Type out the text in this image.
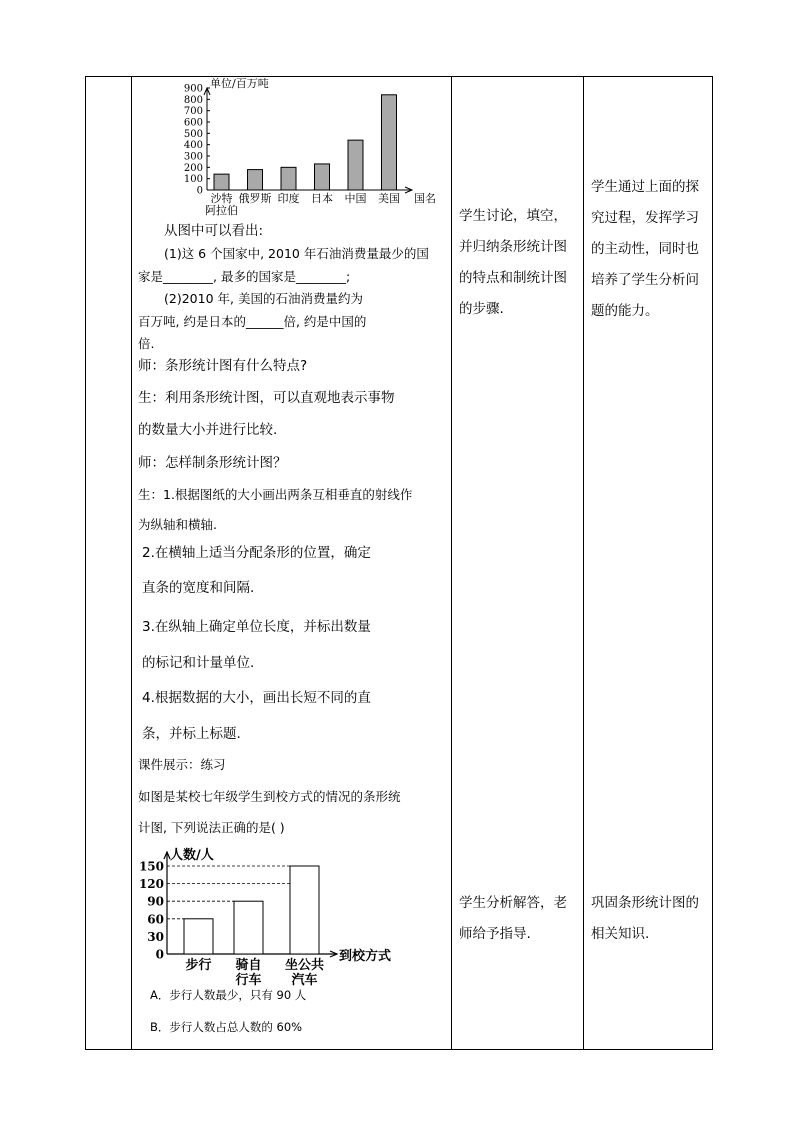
单位/百万吨
0
100
200
300
400
500
600
700
800
900
沙特
阿拉伯
俄罗斯 印度 日本 中国 美国 国名
从图中可以看出:
(1)这 6 个国家中, 2010 年石油消费量最少的国
家是________, 最多的国家是________;
(2)2010 年, 美国的石油消费量约为
百万吨, 约是日本的______倍, 约是中国的
倍.
师：条形统计图有什么特点?
生：利用条形统计图，可以直观地表示事物
的数量大小并进行比较.
师：怎样制条形统计图？
生：1.根据图纸的大小画出两条互相垂直的射线作
为纵轴和横轴.
2.在横轴上适当分配条形的位置，确定
直条的宽度和间隔.
3.在纵轴上确定单位长度，并标出数量
的标记和计量单位.
4.根据数据的大小，画出长短不同的直
条，并标上标题.
课件展示：练习
如图是某校七年级学生到校方式的情况的条形统
计图, 下列说法正确的是( )
人数/人
到校方式
0
30
60
90
120
150
步行 骑自
行车
坐公共
汽车
A．步行人数最少，只有 90 人
B．步行人数占总人数的 60%

学生讨论，填空，
并归纳条形统计图
的特点和制统计图
的步骤.
学生分析解答，老
师给予指导.

学生通过上面的探
究过程，发挥学习
的主动性，同时也
培养了学生分析问
题的能力。
巩固条形统计图的
相关知识.
